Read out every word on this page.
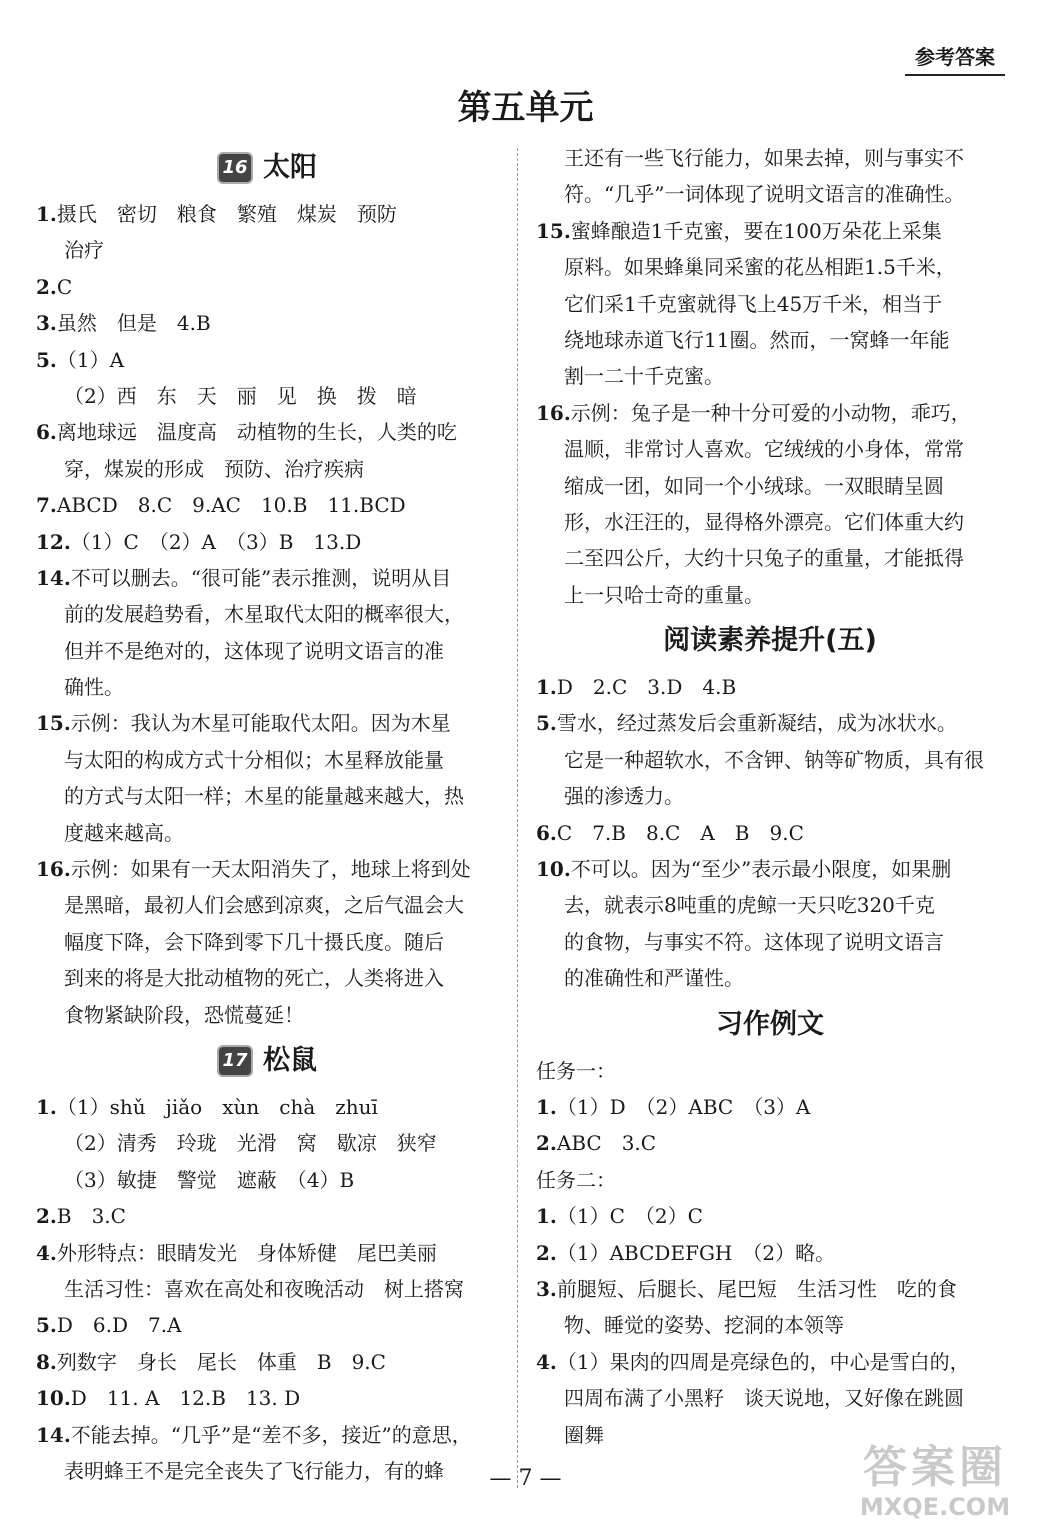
参考答案
第五单元
16 太阳
1.摄氏　密切　粮食　繁殖　煤炭　预防
治疗
2.C
3.虽然　但是　4.B
5.（1）A
（2）西　东　天　丽　见　换　拨　暗
6.离地球远　温度高　动植物的生长，人类的吃
穿，煤炭的形成　预防、治疗疾病
7.ABCD　8.C　9.AC　10.B　11.BCD
12.（1）C　（2）A　（3）B　13.D
14.不可以删去。“很可能”表示推测，说明从目
前的发展趋势看，木星取代太阳的概率很大，
但并不是绝对的，这体现了说明文语言的准
确性。
15.示例：我认为木星可能取代太阳。因为木星
与太阳的构成方式十分相似；木星释放能量
的方式与太阳一样；木星的能量越来越大，热
度越来越高。
16.示例：如果有一天太阳消失了，地球上将到处
是黑暗，最初人们会感到凉爽，之后气温会大
幅度下降，会下降到零下几十摄氏度。随后
到来的将是大批动植物的死亡，人类将进入
食物紧缺阶段，恐慌蔓延！
17 松鼠
1.（1）shǔ　jiǎo　xùn　chà　zhuī
（2）清秀　玲珑　光滑　窝　歇凉　狭窄
（3）敏捷　警觉　遮蔽　（4）B
2.B　3.C
4.外形特点：眼睛发光　身体矫健　尾巴美丽
生活习性：喜欢在高处和夜晚活动　树上搭窝
5.D　6.D　7.A
8.列数字　身长　尾长　体重　B　9.C
10.D　11. A　12.B　13. D
14.不能去掉。“几乎”是“差不多，接近”的意思，
表明蜂王不是完全丧失了飞行能力，有的蜂
王还有一些飞行能力，如果去掉，则与事实不
符。“几乎”一词体现了说明文语言的准确性。
15.蜜蜂酿造1千克蜜，要在100万朵花上采集
原料。如果蜂巢同采蜜的花丛相距1.5千米，
它们采1千克蜜就得飞上45万千米，相当于
绕地球赤道飞行11圈。然而，一窝蜂一年能
割一二十千克蜜。
16.示例：兔子是一种十分可爱的小动物，乖巧，
温顺，非常讨人喜欢。它绒绒的小身体，常常
缩成一团，如同一个小绒球。一双眼睛呈圆
形，水汪汪的，显得格外漂亮。它们体重大约
二至四公斤，大约十只兔子的重量，才能抵得
上一只哈士奇的重量。
阅读素养提升(五)
1.D　2.C　3.D　4.B
5.雪水，经过蒸发后会重新凝结，成为冰状水。
它是一种超软水，不含钾、钠等矿物质，具有很
强的渗透力。
6.C　7.B　8.C　A　B　9.C
10.不可以。因为“至少”表示最小限度，如果删
去，就表示8吨重的虎鲸一天只吃320千克
的食物，与事实不符。这体现了说明文语言
的准确性和严谨性。
习作例文
任务一：
1.（1）D　（2）ABC　（3）A
2.ABC　3.C
任务二：
1.（1）C　（2）C
2.（1）ABCDEFGH　（2）略。
3.前腿短、后腿长、尾巴短　生活习性　吃的食
物、睡觉的姿势、挖洞的本领等
4.（1）果肉的四周是亮绿色的，中心是雪白的，
四周布满了小黑籽　谈天说地，又好像在跳圆
圈舞
— 7 —	答案圈
MXQE.COM
